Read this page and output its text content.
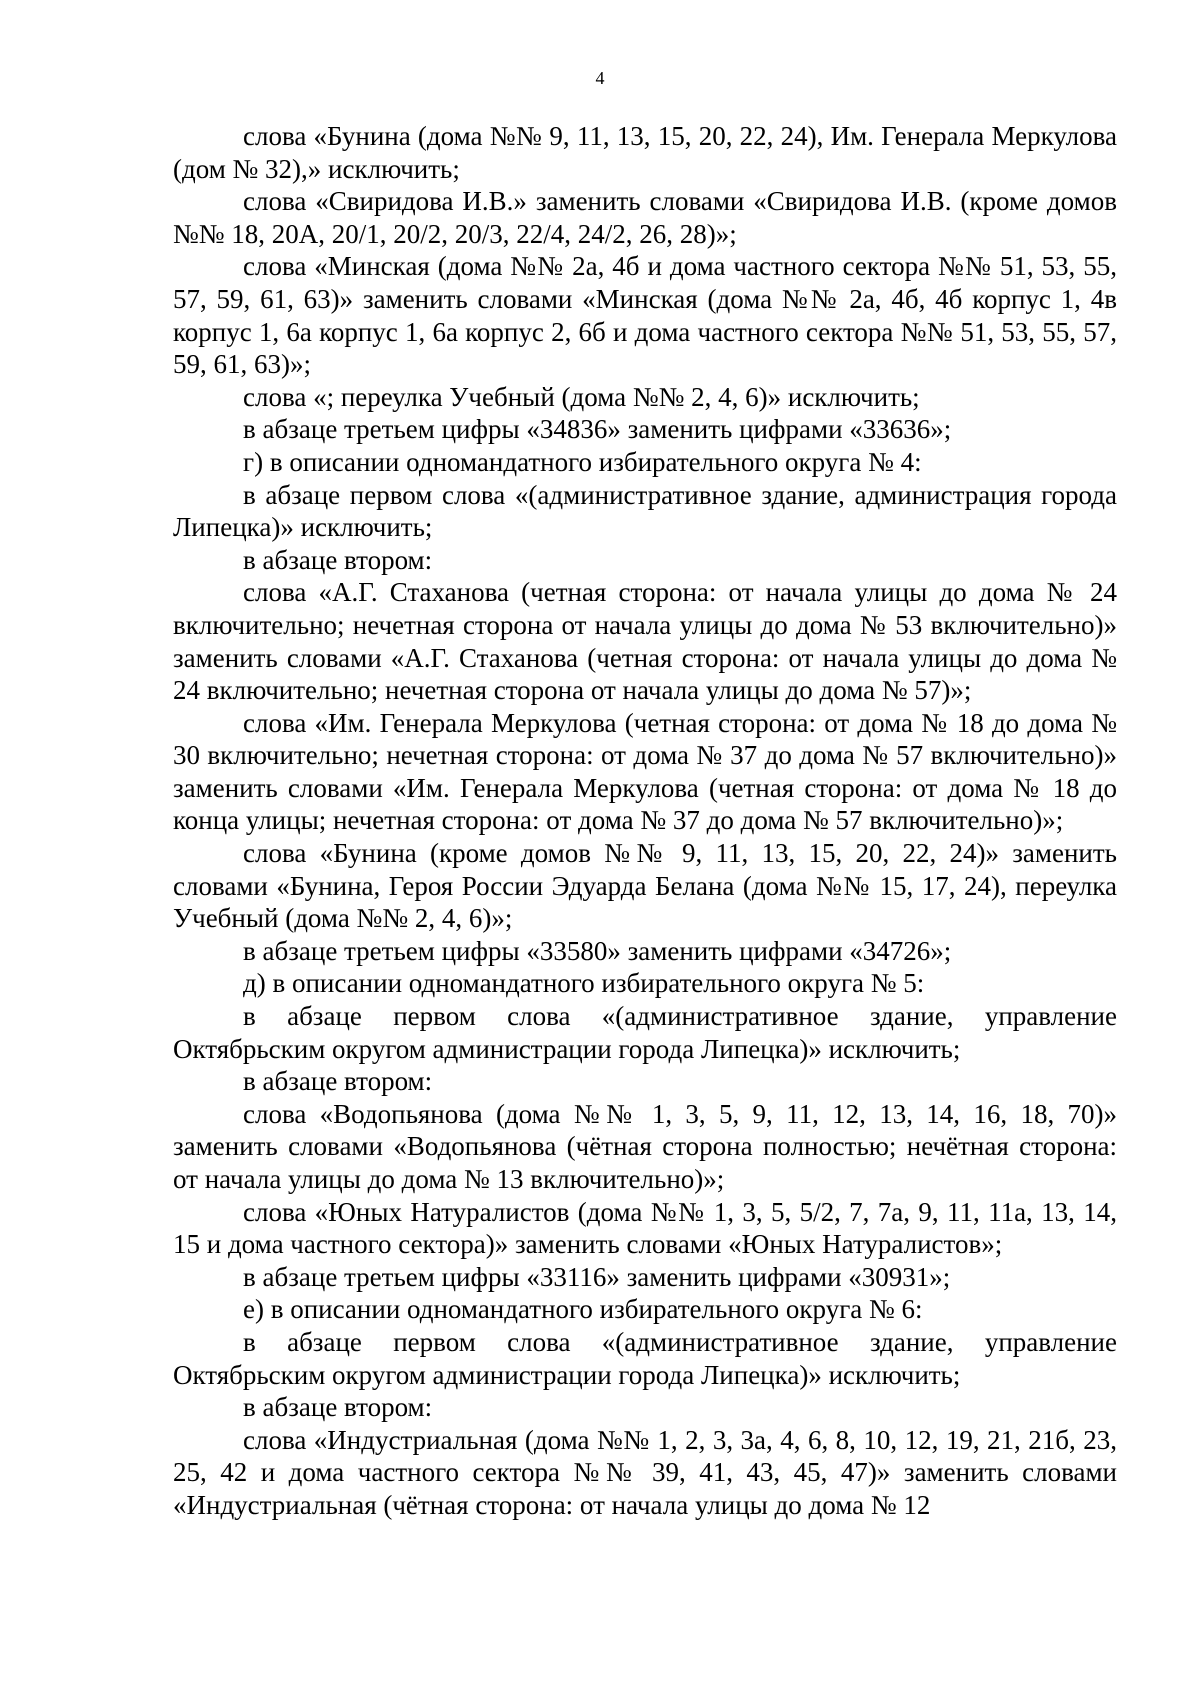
4

слова «Бунина (дома №№ 9, 11, 13, 15, 20, 22, 24), Им. Генерала Меркулова (дом № 32),» исключить;

слова «Свиридова И.В.» заменить словами «Свиридова И.В. (кроме домов №№ 18, 20А, 20/1, 20/2, 20/3, 22/4, 24/2, 26, 28)»;

слова «Минская (дома №№ 2а, 4б и дома частного сектора №№ 51, 53, 55, 57, 59, 61, 63)» заменить словами «Минская (дома №№ 2а, 4б, 4б корпус 1, 4в корпус 1, 6а корпус 1, 6а корпус 2, 6б и дома частного сектора №№ 51, 53, 55, 57, 59, 61, 63)»;

слова «; переулка Учебный (дома №№ 2, 4, 6)» исключить;

в абзаце третьем цифры «34836» заменить цифрами «33636»;

г) в описании одномандатного избирательного округа № 4:

в абзаце первом слова «(административное здание, администрация города Липецка)» исключить;

в абзаце втором:

слова «А.Г. Стаханова (четная сторона: от начала улицы до дома № 24 включительно; нечетная сторона от начала улицы до дома № 53 включительно)» заменить словами «А.Г. Стаханова (четная сторона: от начала улицы до дома № 24 включительно; нечетная сторона от начала улицы до дома № 57)»;

слова «Им. Генерала Меркулова (четная сторона: от дома № 18 до дома № 30 включительно; нечетная сторона: от дома № 37 до дома № 57 включительно)» заменить словами «Им. Генерала Меркулова (четная сторона: от дома № 18 до конца улицы; нечетная сторона: от дома № 37 до дома № 57 включительно)»;

слова «Бунина (кроме домов №№ 9, 11, 13, 15, 20, 22, 24)» заменить словами «Бунина, Героя России Эдуарда Белана (дома №№ 15, 17, 24), переулка Учебный (дома №№ 2, 4, 6)»;

в абзаце третьем цифры «33580» заменить цифрами «34726»;

д) в описании одномандатного избирательного округа № 5:

в абзаце первом слова «(административное здание, управление Октябрьским округом администрации города Липецка)» исключить;

в абзаце втором:

слова «Водопьянова (дома №№ 1, 3, 5, 9, 11, 12, 13, 14, 16, 18, 70)» заменить словами «Водопьянова (чётная сторона полностью; нечётная сторона: от начала улицы до дома № 13 включительно)»;

слова «Юных Натуралистов (дома №№ 1, 3, 5, 5/2, 7, 7а, 9, 11, 11а, 13, 14, 15 и дома частного сектора)» заменить словами «Юных Натуралистов»;

в абзаце третьем цифры «33116» заменить цифрами «30931»;

е) в описании одномандатного избирательного округа № 6:

в абзаце первом слова «(административное здание, управление Октябрьским округом администрации города Липецка)» исключить;

в абзаце втором:

слова «Индустриальная (дома №№ 1, 2, 3, 3а, 4, 6, 8, 10, 12, 19, 21, 21б, 23, 25, 42 и дома частного сектора №№ 39, 41, 43, 45, 47)» заменить словами «Индустриальная (чётная сторона: от начала улицы до дома № 12
